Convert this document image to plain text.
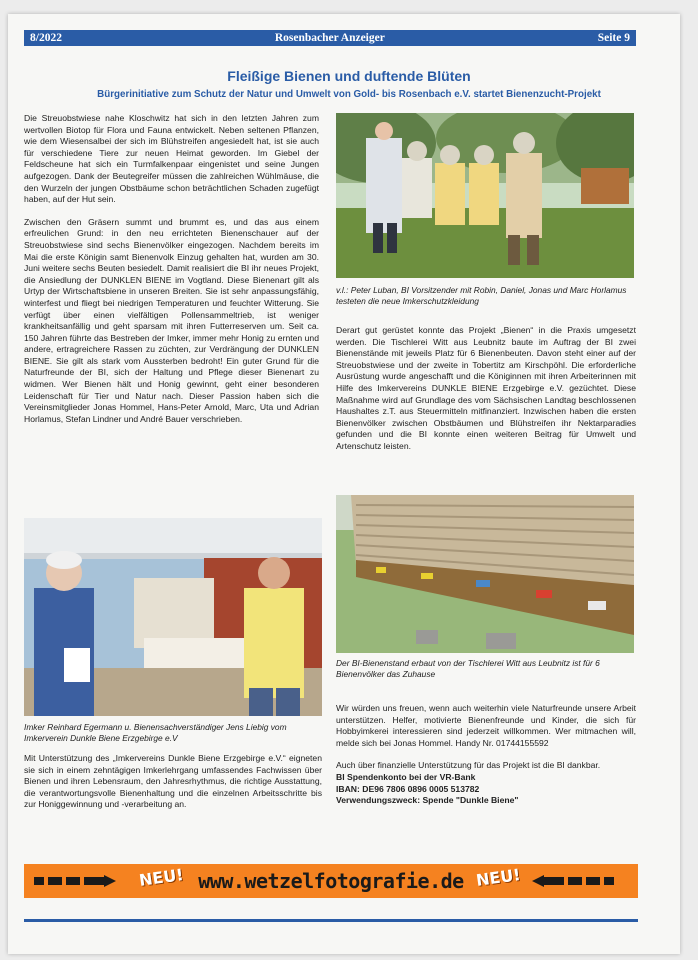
8/2022	Rosenbacher Anzeiger	Seite 9
Fleißige Bienen und duftende Blüten
Bürgerinitiative zum Schutz der Natur und Umwelt von Gold- bis Rosenbach e.V. startet Bienenzucht-Projekt

Die Streuobstwiese nahe Kloschwitz hat sich in den letzten Jahren zum wertvollen Biotop für Flora und Fauna entwickelt. Neben seltenen Pflanzen, wie dem Wiesensalbei der sich im Blühstreifen angesiedelt hat, ist sie auch für verschiedene Tiere zur neuen Heimat geworden. Im Giebel der Feldscheune hat sich ein Turmfalkenpaar eingenistet und seine Jungen aufgezogen. Dank der Beutegreifer müssen die zahlreichen Wühlmäuse, die den Wurzeln der jungen Obstbäume schon beträchtlichen Schaden zugefügt haben, auf der Hut sein.

Zwischen den Gräsern summt und brummt es, und das aus einem erfreulichen Grund: in den neu errichteten Bienenschauer auf der Streuobstwiese sind sechs Bienenvölker eingezogen. Nachdem bereits im Mai die erste Königin samt Bienenvolk Einzug gehalten hat, wurden am 30. Juni weitere sechs Beuten besiedelt. Damit realisiert die BI ihr neues Projekt, die Ansiedlung der DUNKLEN BIENE im Vogtland. Diese Bienenart gilt als Urtyp der Wirtschaftsbiene in unseren Breiten. Sie ist sehr anpassungsfähig, winterfest und fliegt bei niedrigen Temperaturen und feuchter Witterung. Sie verfügt über einen vielfältigen Pollensammeltrieb, ist weniger krankheitsanfällig und geht sparsam mit ihren Futterreserven um. Seit ca. 150 Jahren führte das Bestreben der Imker, immer mehr Honig zu ernten und andere, ertragreichere Rassen zu züchten, zur Verdrängung der DUNKLEN BIENE. Sie gilt als stark vom Aussterben bedroht! Ein guter Grund für die Naturfreunde der BI, sich der Haltung und Pflege dieser Bienenart zu widmen. Wer Bienen hält und Honig gewinnt, geht einer besonderen Leidenschaft für Tier und Natur nach. Dieser Passion haben sich die Vereinsmitglieder Jonas Hommel, Hans-Peter Arnold, Marc, Uta und Adrian Horlamus, Stefan Lindner und André Bauer verschrieben.

v.l.: Peter Luban, BI Vorsitzender mit Robin, Daniel, Jonas und Marc Horlamus testeten die neue Imkerschutzkleidung

Derart gut gerüstet konnte das Projekt „Bienen“ in die Praxis umgesetzt werden. Die Tischlerei Witt aus Leubnitz baute im Auftrag der BI zwei Bienenstände mit jeweils Platz für 6 Bienenbeuten. Davon steht einer auf der Streuobstwiese und der zweite in Tobertitz am Kirschpöhl. Die erforderliche Ausrüstung wurde angeschafft und die Königinnen mit ihren Arbeiterinnen mit Hilfe des Imkervereins DUNKLE BIENE Erzgebirge e.V. gezüchtet. Diese Maßnahme wird auf Grundlage des vom Sächsischen Landtag beschlossenen Haushaltes z.T. aus Steuermitteln mitfinanziert. Inzwischen haben die ersten Bienenvölker zwischen Obstbäumen und Blühstreifen ihr Nektarparadies gefunden und die BI konnte einen weiteren Beitrag für Umwelt und Artenschutz leisten.

Imker Reinhard Egermann u. Bienensachverständiger Jens Liebig vom Imkerverein Dunkle Biene Erzgebirge e.V

Mit Unterstützung des „Imkervereins Dunkle Biene Erzgebirge e.V.“ eigneten sie sich in einem zehntägigen Imkerlehrgang umfassendes Fachwissen über Bienen und ihren Lebensraum, den Jahresrhythmus, die richtige Ausstattung, die verantwortungsvolle Bienenhaltung und die einzelnen Arbeitsschritte bis zur Honiggewinnung und -verarbeitung an.

Der BI-Bienenstand erbaut von der Tischlerei Witt aus Leubnitz ist für 6 Bienenvölker das Zuhause

Wir würden uns freuen, wenn auch weiterhin viele Naturfreunde unsere Arbeit unterstützen. Helfer, motivierte Bienenfreunde und Kinder, die sich für Hobbyimkerei interessieren sind jederzeit willkommen. Wer mitmachen will, melde sich bei Jonas Hommel. Handy Nr. 01744155592

Auch über finanzielle Unterstützung für das Projekt ist die BI dankbar.

BI Spendenkonto bei der VR-Bank
IBAN: DE96 7806 0896 0005 513782
Verwendungszweck: Spende "Dunkle Biene"
NEU! www.wetzelfotografie.de NEU!
